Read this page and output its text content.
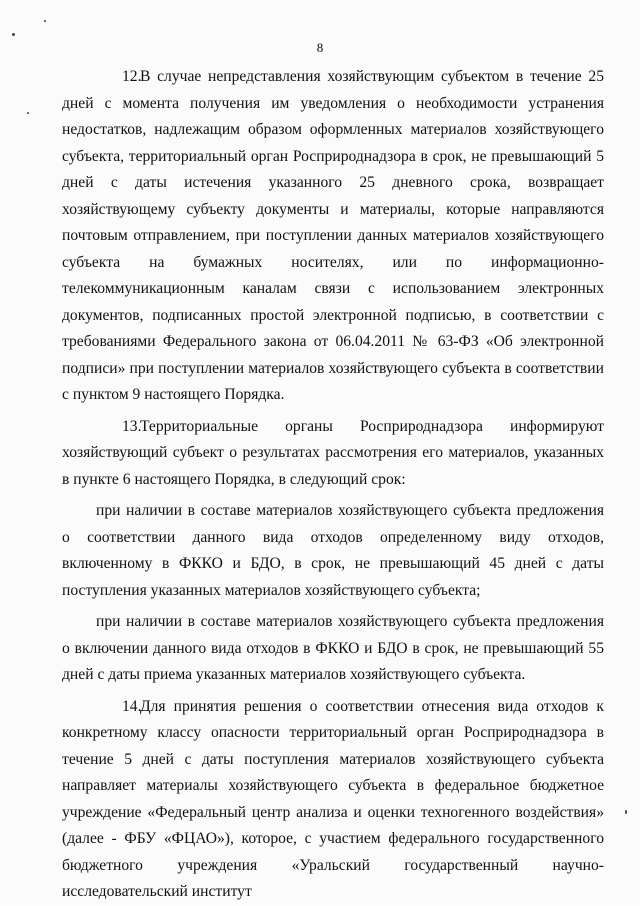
8

12.В случае непредставления хозяйствующим субъектом в течение 25 дней с момента получения им уведомления о необходимости устранения недостатков, надлежащим образом оформленных материалов хозяйствующего субъекта, территориальный орган Росприроднадзора в срок, не превышающий 5 дней с даты истечения указанного 25 дневного срока, возвращает хозяйствующему субъекту документы и материалы, которые направляются почтовым отправлением, при поступлении данных материалов хозяйствующего субъекта на бумажных носителях, или по информационно-телекоммуникационным каналам связи с использованием электронных документов, подписанных простой электронной подписью, в соответствии с требованиями Федерального закона от 06.04.2011 № 63-ФЗ «Об электронной подписи» при поступлении материалов хозяйствующего субъекта в соответствии с пунктом 9 настоящего Порядка.

13.Территориальные органы Росприроднадзора информируют хозяйствующий субъект о результатах рассмотрения его материалов, указанных в пункте 6 настоящего Порядка, в следующий срок:

при наличии в составе материалов хозяйствующего субъекта предложения о соответствии данного вида отходов определенному виду отходов, включенному в ФККО и БДО, в срок, не превышающий 45 дней с даты поступления указанных материалов хозяйствующего субъекта;

при наличии в составе материалов хозяйствующего субъекта предложения о включении данного вида отходов в ФККО и БДО в срок, не превышающий 55 дней с даты приема указанных материалов хозяйствующего субъекта.

14.Для принятия решения о соответствии отнесения вида отходов к конкретному классу опасности территориальный орган Росприроднадзора в течение 5 дней с даты поступления материалов хозяйствующего субъекта направляет материалы хозяйствующего субъекта в федеральное бюджетное учреждение «Федеральный центр анализа и оценки техногенного воздействия» (далее - ФБУ «ФЦАО»), которое, с участием федерального государственного бюджетного учреждения «Уральский государственный научно-исследовательский институт
